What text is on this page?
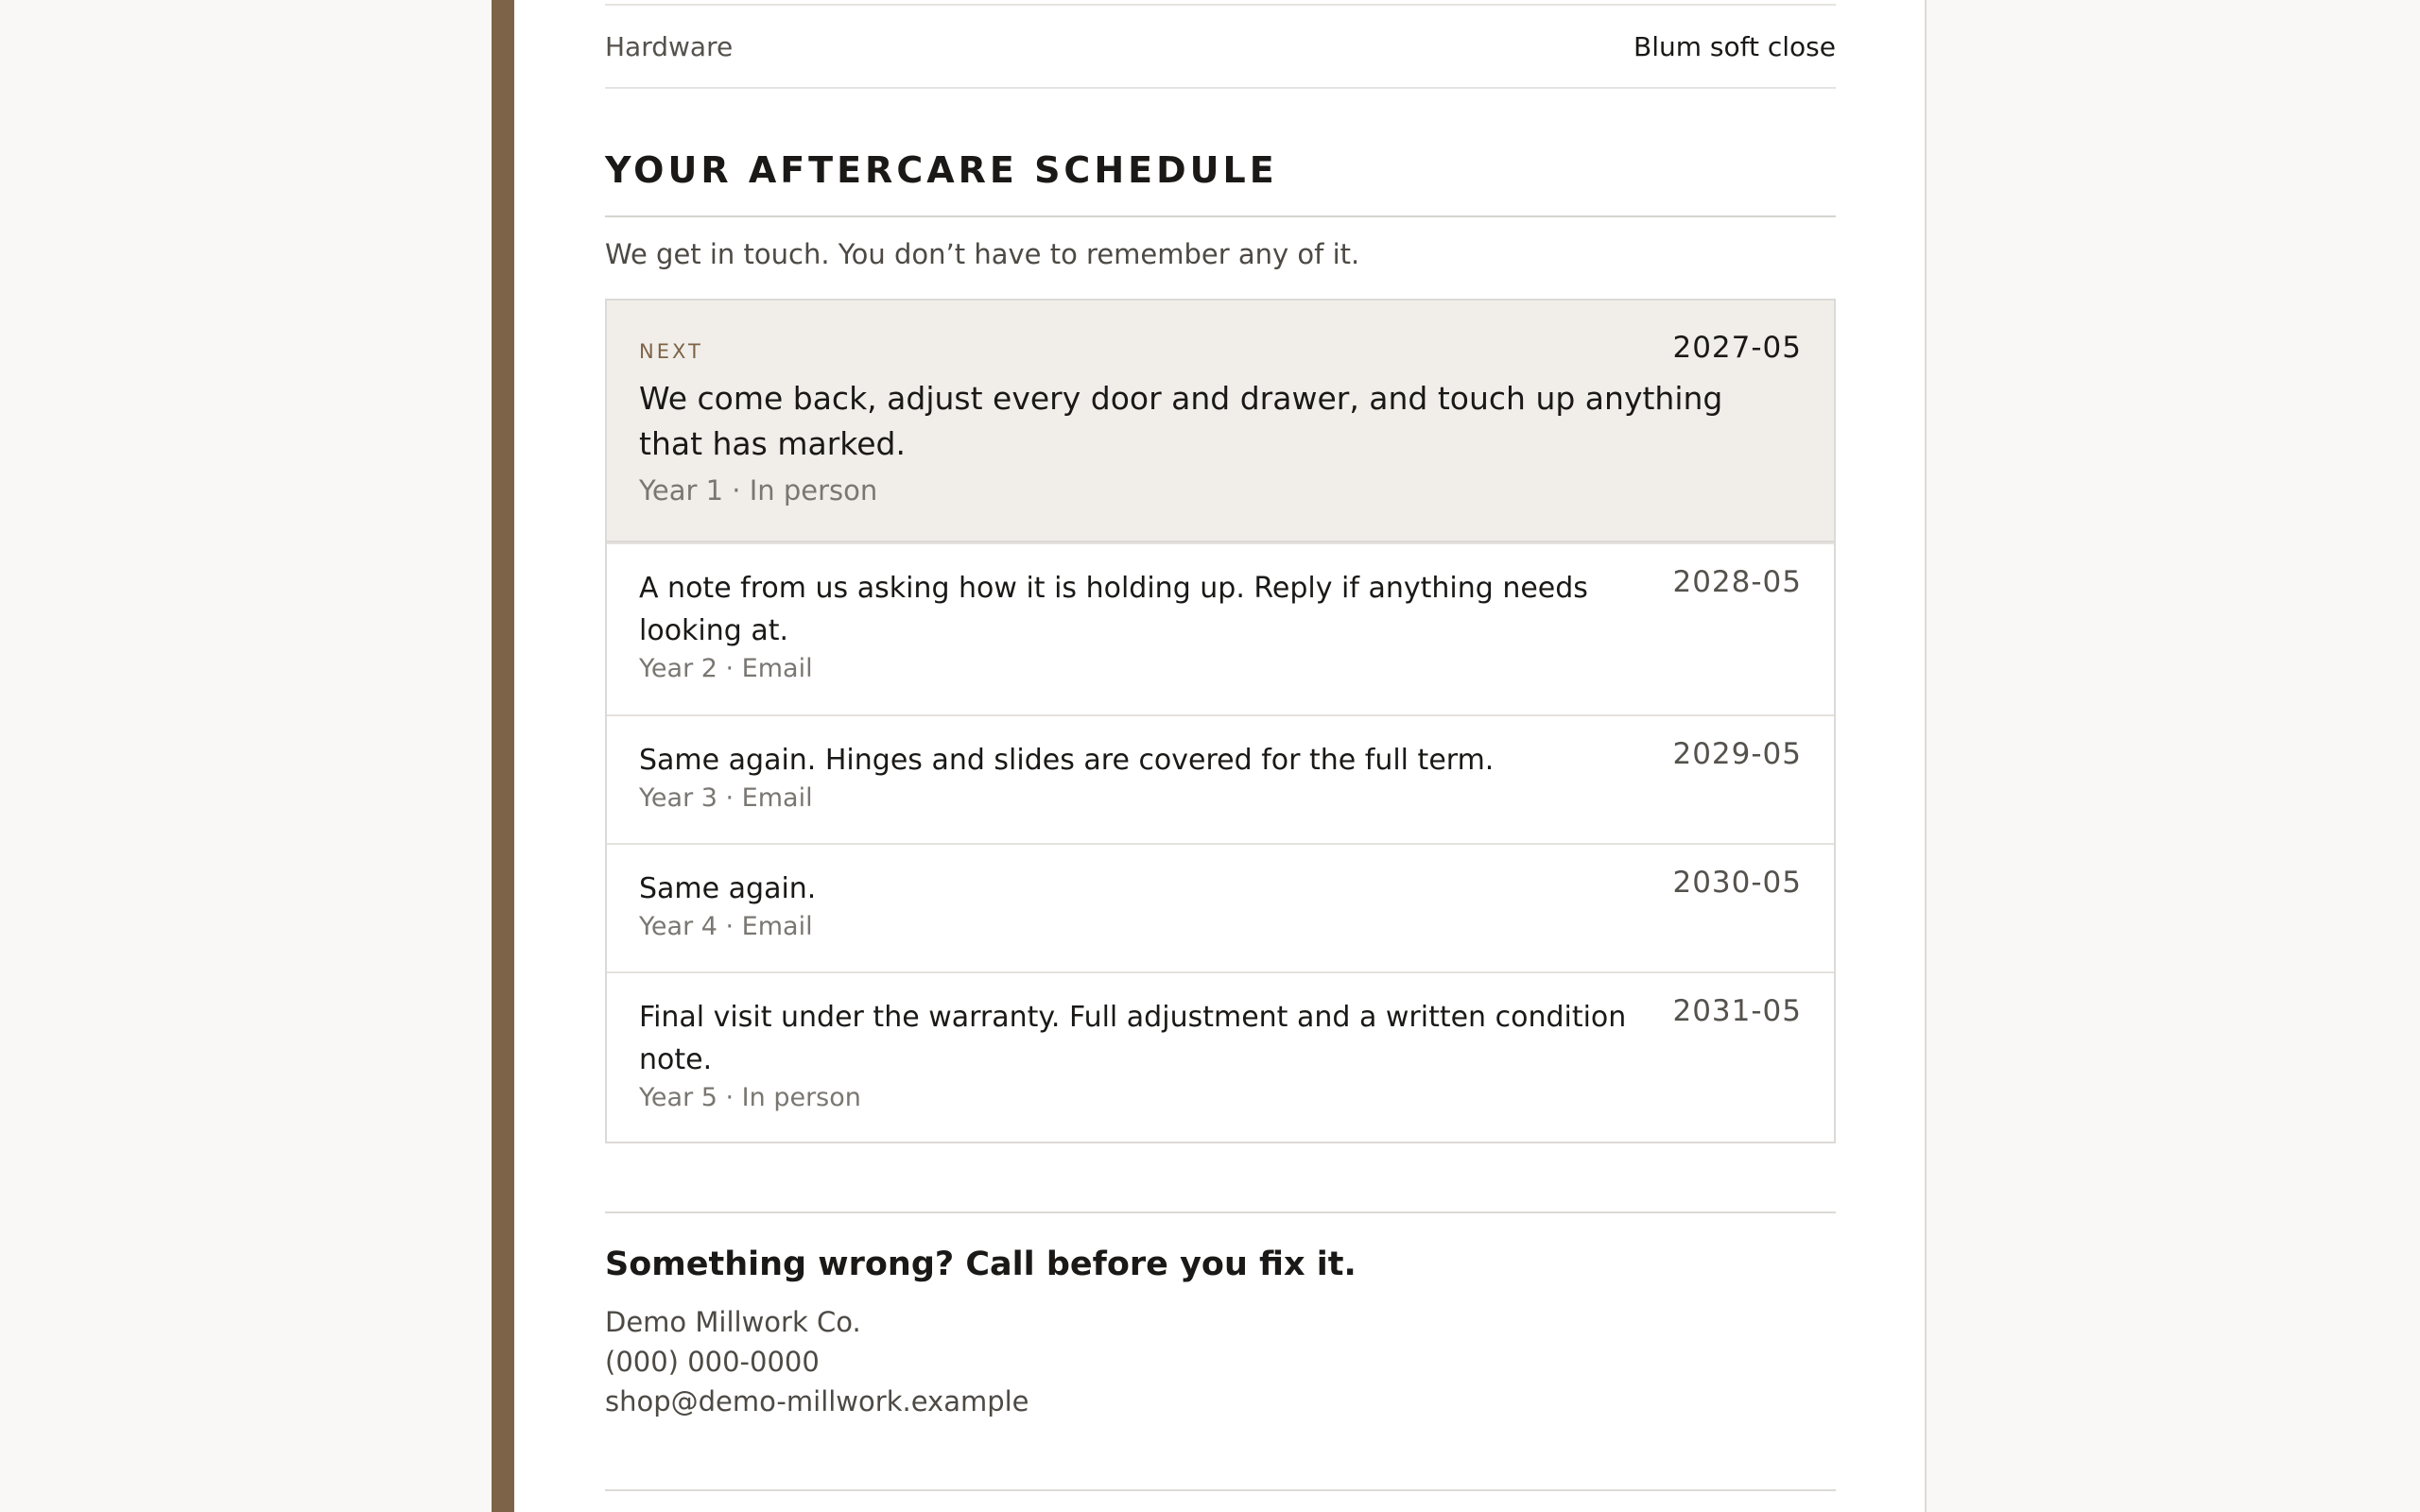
Hardware	Blum soft close
YOUR AFTERCARE SCHEDULE
We get in touch. You don’t have to remember any of it.
NEXT	2027-05
We come back, adjust every door and drawer, and touch up anything that has marked.
Year 1 · In person
2028-05
A note from us asking how it is holding up. Reply if anything needs looking at.
Year 2 · Email
2029-05
Same again. Hinges and slides are covered for the full term.
Year 3 · Email
2030-05
Same again.
Year 4 · Email
2031-05
Final visit under the warranty. Full adjustment and a written condition note.
Year 5 · In person
Something wrong? Call before you fix it.
Demo Millwork Co.
(000) 000-0000
shop@demo-millwork.example
